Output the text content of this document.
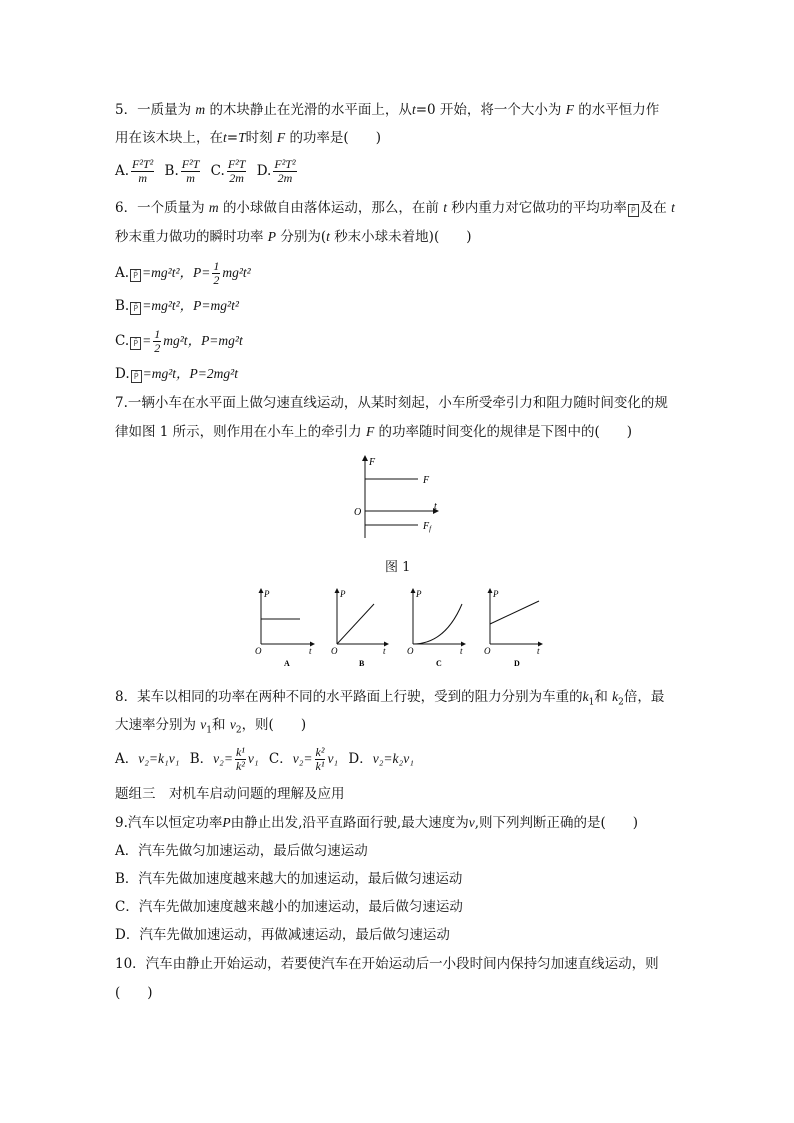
5．一质量为 m 的木块静止在光滑的水平面上，从t=0 开始，将一个大小为 F 的水平恒力作
用在该木块上，在t=T时刻 F 的功率是(　　)
A. $\frac{\text{F²T²}}{m} B$. $\frac{\text{F²T}}{m} C$. $\frac{\text{F²T}}{2m} D$. $\frac{\text{F²T²}}{2m}$
6．一个质量为 m 的小球做自由落体运动，那么，在前 t 秒内重力对它做功的平均功率 P̄ 及在 t
秒末重力做功的瞬时功率 P 分别为(t 秒末小球未着地)(　　)
A. P̄ =mg²t²，$P= \frac{1}{2} mg^2t^2$
B. P̄ =mg²t²，P=mg²t²
C. P̄ = $\frac{1}{2} mg^2t$，P=mg²t
D. P̄ =mg²t，P=2mg²t
7.一辆小车在水平面上做匀速直线运动，从某时刻起，小车所受牵引力和阻力随时间变化的规
律如图 1 所示，则作用在小车上的牵引力 F 的功率随时间变化的规律是下图中的(　　)
F
t
O
F
$F_f$
图 1
P
O	t
A
P
O	t
B
P
O	t
C
P
O	t
D
8．某车以相同的功率在两种不同的水平路面上行驶，受到的阻力分别为车重的$k_1$和 $k_2$倍，最
大速率分别为 $v_1$和 $v_2$，则(　　)
A．v₂=k₁v₁ B．$v_2= \frac{\text{k¹}}{\text{k²}} v_1$ C．$v_2= \frac{\text{k²}}{\text{k¹}} v_1$ D．v₂=k₂v₁
题组三　对机车启动问题的理解及应用
9.汽车以恒定功率P由静止出发,沿平直路面行驶,最大速度为v,则下列判断正确的是(　　)
A．汽车先做匀加速运动，最后做匀速运动
B．汽车先做加速度越来越大的加速运动，最后做匀速运动
C．汽车先做加速度越来越小的加速运动，最后做匀速运动
D．汽车先做加速运动，再做减速运动，最后做匀速运动
10．汽车由静止开始运动，若要使汽车在开始运动后一小段时间内保持匀加速直线运动，则
(　　)
